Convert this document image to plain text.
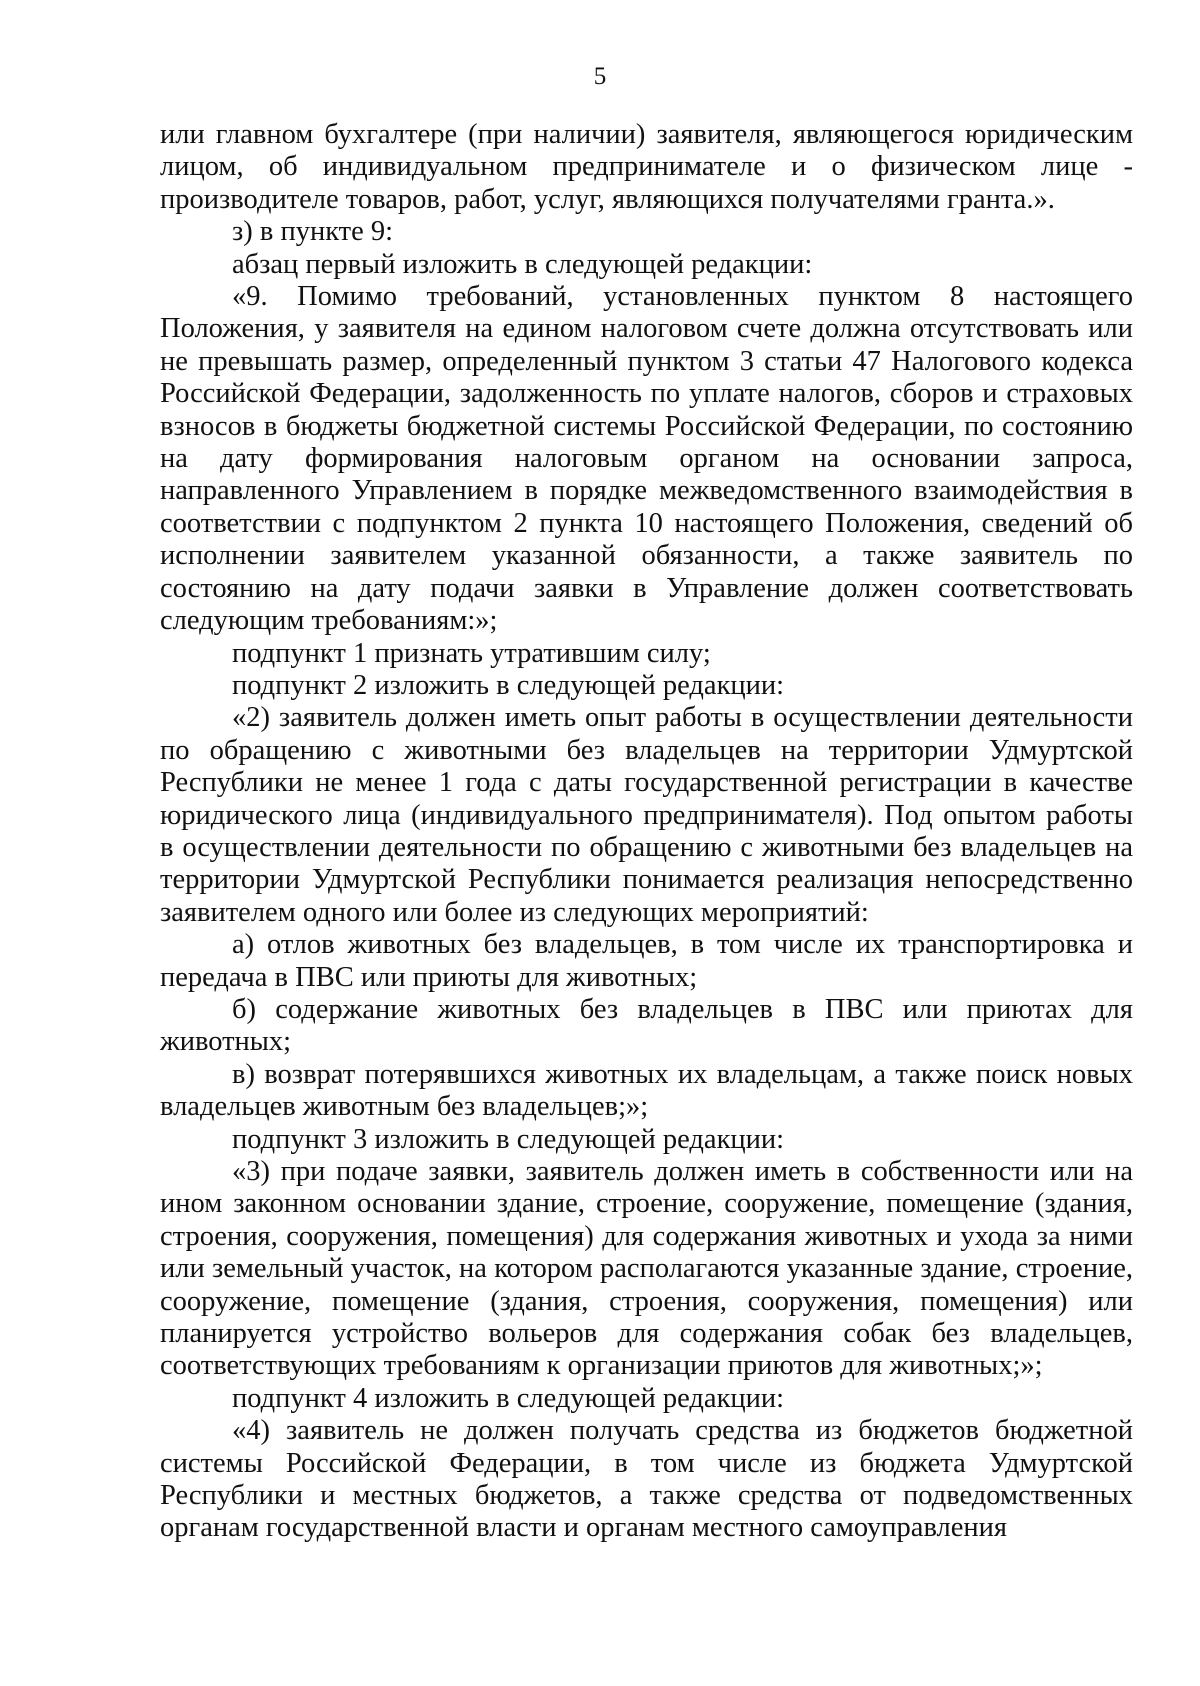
5

или главном бухгалтере (при наличии) заявителя, являющегося юридическим лицом, об индивидуальном предпринимателе и о физическом лице - производителе товаров, работ, услуг, являющихся получателями гранта.».

з) в пункте 9:

абзац первый изложить в следующей редакции:

«9. Помимо требований, установленных пунктом 8 настоящего Положения, у заявителя на едином налоговом счете должна отсутствовать или не превышать размер, определенный пунктом 3 статьи 47 Налогового кодекса Российской Федерации, задолженность по уплате налогов, сборов и страховых взносов в бюджеты бюджетной системы Российской Федерации, по состоянию на дату формирования налоговым органом на основании запроса, направленного Управлением в порядке межведомственного взаимодействия в соответствии с подпунктом 2 пункта 10 настоящего Положения, сведений об исполнении заявителем указанной обязанности, а также заявитель по состоянию на дату подачи заявки в Управление должен соответствовать следующим требованиям:»;

подпункт 1 признать утратившим силу;

подпункт 2 изложить в следующей редакции:

«2) заявитель должен иметь опыт работы в осуществлении деятельности по обращению с животными без владельцев на территории Удмуртской Республики не менее 1 года с даты государственной регистрации в качестве юридического лица (индивидуального предпринимателя). Под опытом работы в осуществлении деятельности по обращению с животными без владельцев на территории Удмуртской Республики понимается реализация непосредственно заявителем одного или более из следующих мероприятий:

а) отлов животных без владельцев, в том числе их транспортировка и передача в ПВС или приюты для животных;

б) содержание животных без владельцев в ПВС или приютах для животных;

в) возврат потерявшихся животных их владельцам, а также поиск новых владельцев животным без владельцев;»;

подпункт 3 изложить в следующей редакции:

«3) при подаче заявки, заявитель должен иметь в собственности или на ином законном основании здание, строение, сооружение, помещение (здания, строения, сооружения, помещения) для содержания животных и ухода за ними или земельный участок, на котором располагаются указанные здание, строение, сооружение, помещение (здания, строения, сооружения, помещения) или планируется устройство вольеров для содержания собак без владельцев, соответствующих требованиям к организации приютов для животных;»;

подпункт 4 изложить в следующей редакции:

«4) заявитель не должен получать средства из бюджетов бюджетной системы Российской Федерации, в том числе из бюджета Удмуртской Республики и местных бюджетов, а также средства от подведомственных органам государственной власти и органам местного самоуправления
